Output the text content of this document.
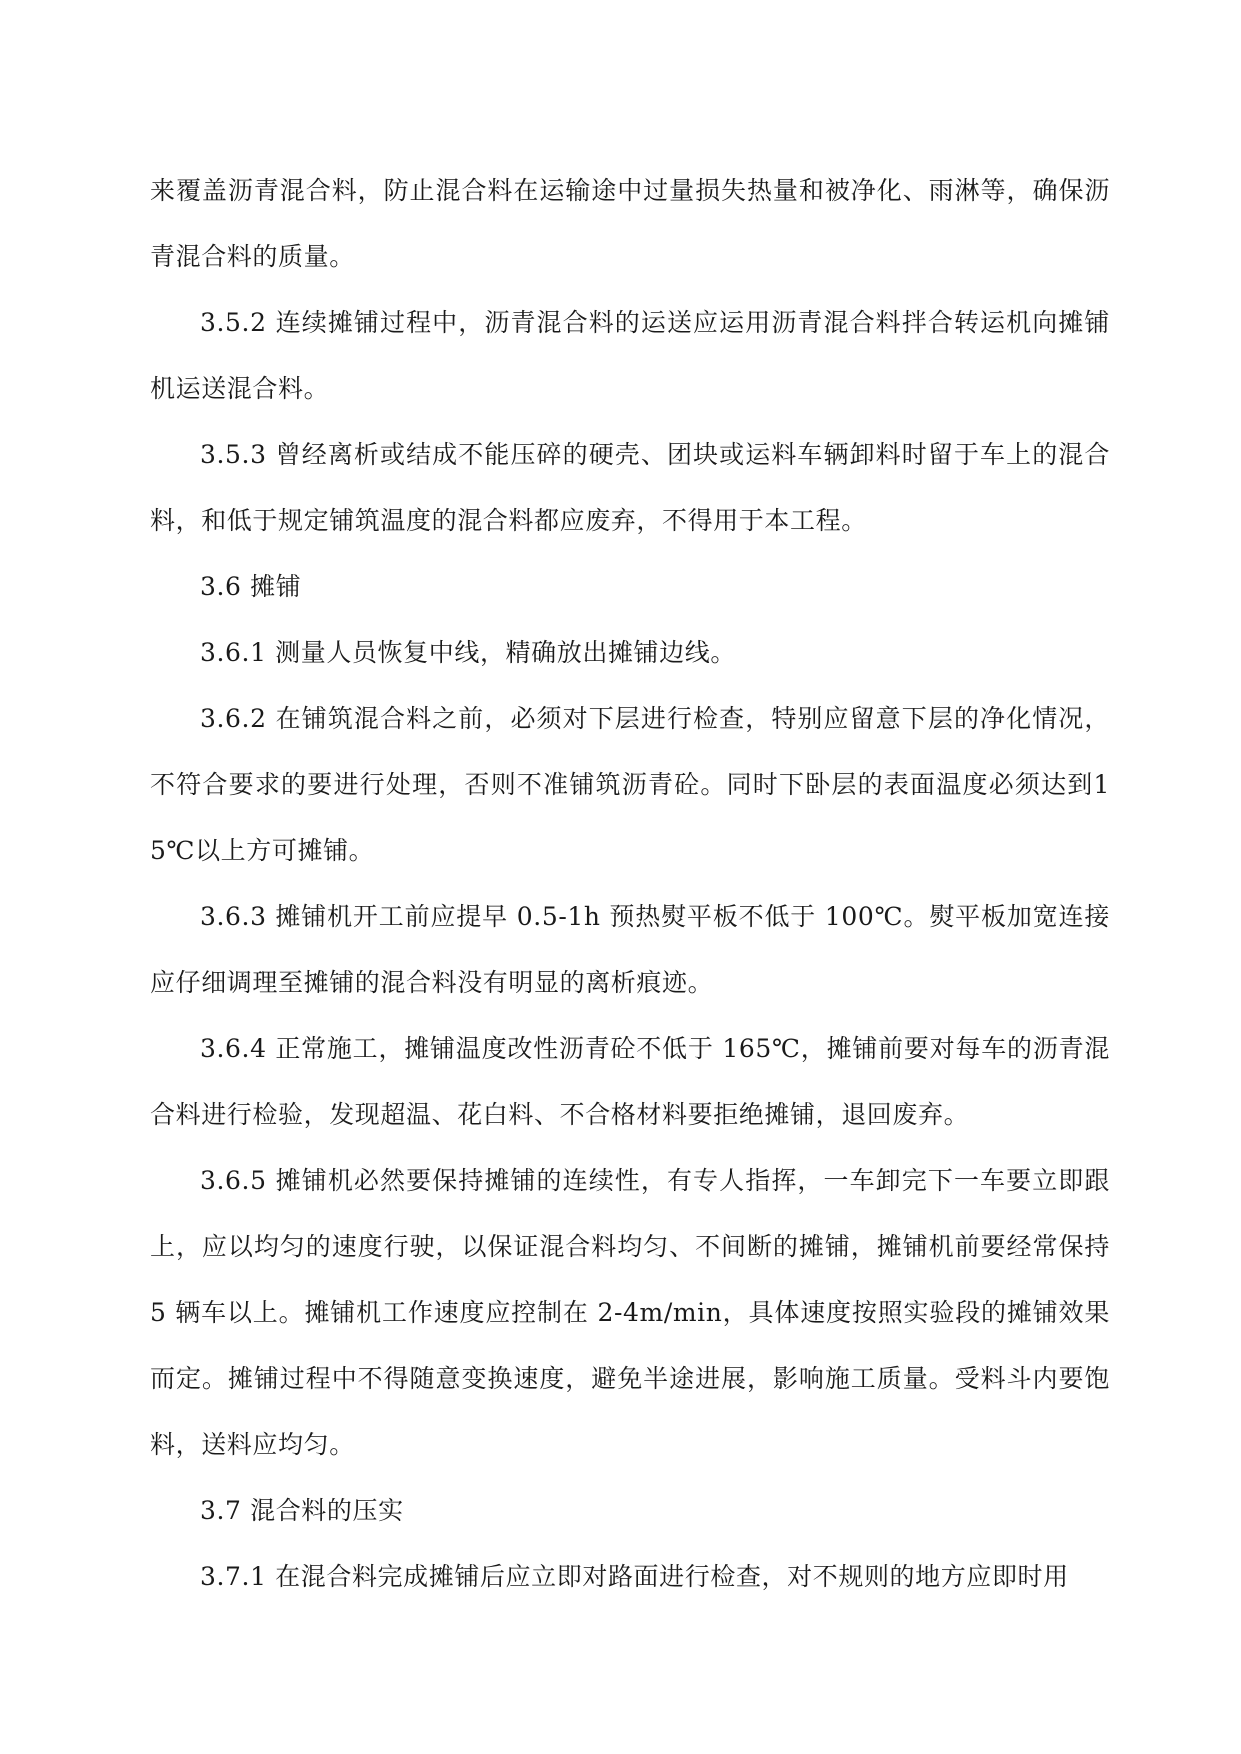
来覆盖沥青混合料，防止混合料在运输途中过量损失热量和被净化、雨淋等，确保沥青混合料的质量。

3.5.2 连续摊铺过程中，沥青混合料的运送应运用沥青混合料拌合转运机向摊铺机运送混合料。

3.5.3 曾经离析或结成不能压碎的硬壳、团块或运料车辆卸料时留于车上的混合料，和低于规定铺筑温度的混合料都应废弃，不得用于本工程。

3.6 摊铺

3.6.1 测量人员恢复中线，精确放出摊铺边线。

3.6.2 在铺筑混合料之前，必须对下层进行检查，特别应留意下层的净化情况，不符合要求的要进行处理，否则不准铺筑沥青砼。同时下卧层的表面温度必须达到15℃以上方可摊铺。

3.6.3 摊铺机开工前应提早 0.5-1h 预热熨平板不低于 100℃。熨平板加宽连接应仔细调理至摊铺的混合料没有明显的离析痕迹。

3.6.4 正常施工，摊铺温度改性沥青砼不低于 165℃，摊铺前要对每车的沥青混合料进行检验，发现超温、花白料、不合格材料要拒绝摊铺，退回废弃。

3.6.5 摊铺机必然要保持摊铺的连续性，有专人指挥，一车卸完下一车要立即跟上，应以均匀的速度行驶，以保证混合料均匀、不间断的摊铺，摊铺机前要经常保持 5 辆车以上。摊铺机工作速度应控制在 2-4m/min，具体速度按照实验段的摊铺效果而定。摊铺过程中不得随意变换速度，避免半途进展，影响施工质量。受料斗内要饱料，送料应均匀。

3.7 混合料的压实

3.7.1 在混合料完成摊铺后应立即对路面进行检查，对不规则的地方应即时用
